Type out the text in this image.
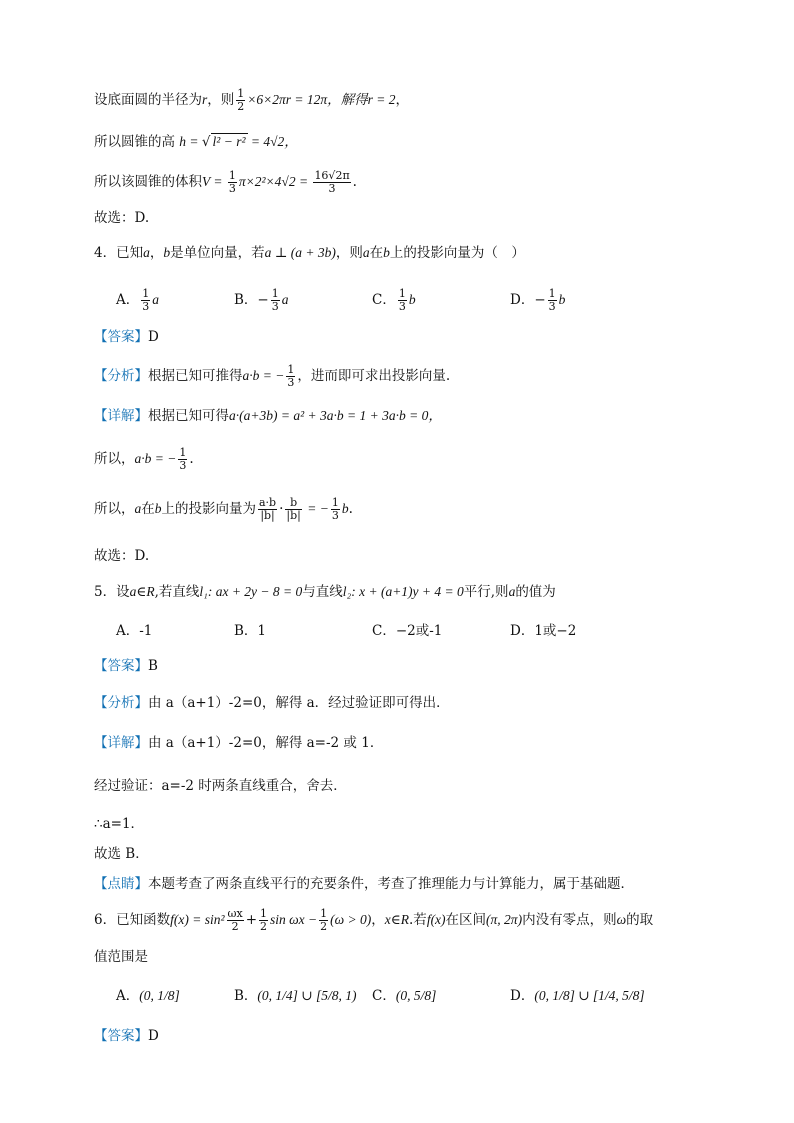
设底面圆的半径为r，则 $\frac{1}{2} \times 6\times 2\pi r = 12\pi$，解得r = 2，
所以圆锥的高 h = √ l² − r² = 4√2，
所以该圆锥的体积$V = \frac{1}{3} \pi\times 2^2\times 4√2 = \frac{16√2\pi}{3}$ .
故选：D.
4．已知a，b是单位向量，若a ⊥ (a + 3b)，则a在b上的投影向量为（　）
A． $\frac{1}{3}$ a	B．− $\frac{1}{3}$ a	C． $\frac{1}{3}$ b	D．− $\frac{1}{3}$ b
【答案】D
【分析】根据已知可推得a·b = − $\frac{1}{3}$ ，进而即可求出投影向量.
【详解】根据已知可得a·(a+3b) = a² + 3a·b = 1 + 3a·b = 0，
所以，a·b = − $\frac{1}{3}$ .
所以，a在b上的投影向量为 $\frac{a\cdot b}{|b|} \cdot \frac{b}{|b|}$ = − $\frac{1}{3} b$.
故选：D.
5．设a∈R,若直线l₁: ax + 2y − 8 = 0与直线l₂: x + (a+1)y + 4 = 0平行,则a的值为
A．-1	B．1	C．−2或-1	D．1或−2
【答案】B
【分析】由 a（a+1）-2=0，解得 a．经过验证即可得出．
【详解】由 a（a+1）-2=0，解得 a=-2 或 1．
经过验证：a=-2 时两条直线重合，舍去．
∴a=1．
故选 B．
【点睛】本题考查了两条直线平行的充要条件，考查了推理能力与计算能力，属于基础题．
6．已知函数$f(x) = \sin^2 \frac{\omega x}{2} + \frac{1}{2}$ $\sin \omega x - \frac{1}{2} (\omega > 0)$，x∈R.若f(x)在区间(π, 2π)内没有零点，则ω的取
值范围是
A．(0, 1/8]	B．(0, 1/4] ∪ [5/8, 1) C．(0, 5/8]	D．(0, 1/8] ∪ [1/4, 5/8]
【答案】D
